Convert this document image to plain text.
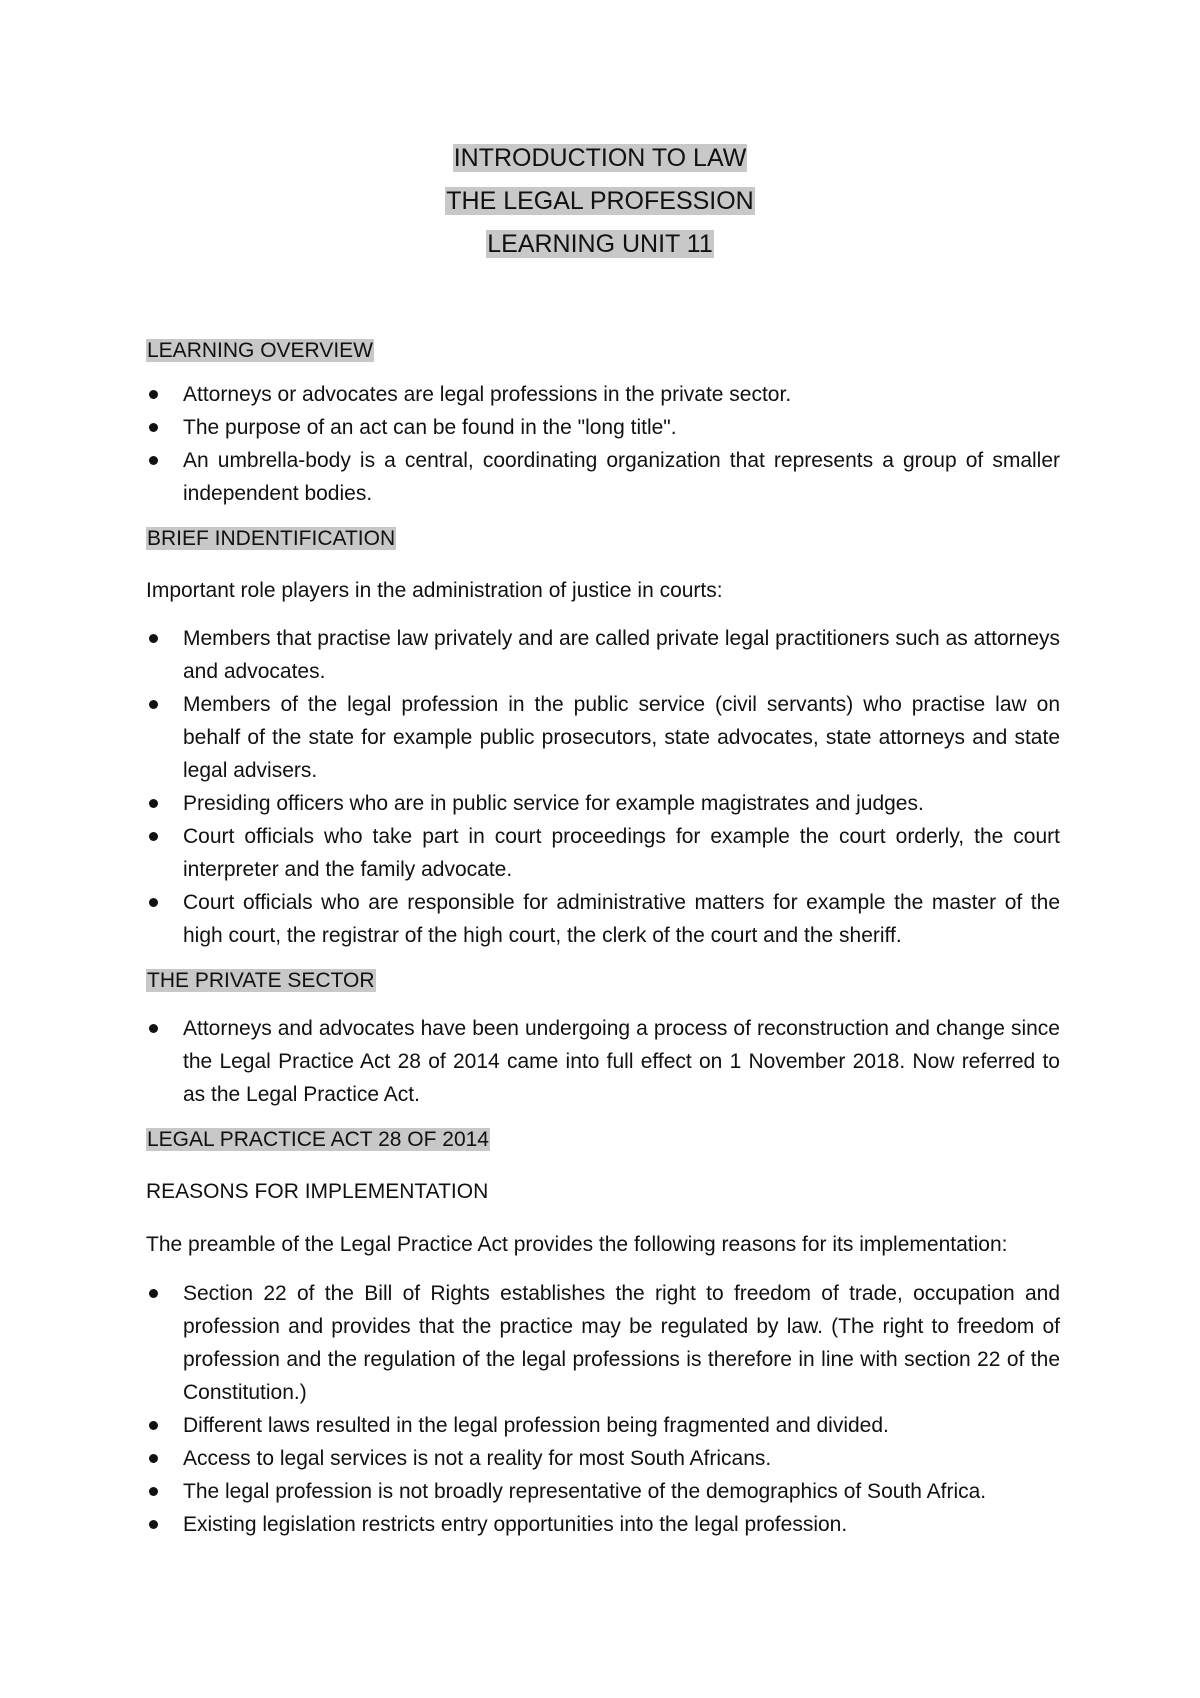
INTRODUCTION TO LAW

THE LEGAL PROFESSION

LEARNING UNIT 11

LEARNING OVERVIEW

Attorneys or advocates are legal professions in the private sector.
The purpose of an act can be found in the "long title".
An umbrella-body is a central, coordinating organization that represents a group of smaller independent bodies.

BRIEF INDENTIFICATION

Important role players in the administration of justice in courts:

Members that practise law privately and are called private legal practitioners such as attorneys and advocates.
Members of the legal profession in the public service (civil servants) who practise law on behalf of the state for example public prosecutors, state advocates, state attorneys and state legal advisers.
Presiding officers who are in public service for example magistrates and judges.
Court officials who take part in court proceedings for example the court orderly, the court interpreter and the family advocate.
Court officials who are responsible for administrative matters for example the master of the high court, the registrar of the high court, the clerk of the court and the sheriff.

THE PRIVATE SECTOR

Attorneys and advocates have been undergoing a process of reconstruction and change since the Legal Practice Act 28 of 2014 came into full effect on 1 November 2018. Now referred to as the Legal Practice Act.

LEGAL PRACTICE ACT 28 OF 2014

REASONS FOR IMPLEMENTATION

The preamble of the Legal Practice Act provides the following reasons for its implementation:

Section 22 of the Bill of Rights establishes the right to freedom of trade, occupation and profession and provides that the practice may be regulated by law. (The right to freedom of profession and the regulation of the legal professions is therefore in line with section 22 of the Constitution.)
Different laws resulted in the legal profession being fragmented and divided.
Access to legal services is not a reality for most South Africans.
The legal profession is not broadly representative of the demographics of South Africa.
Existing legislation restricts entry opportunities into the legal profession.
